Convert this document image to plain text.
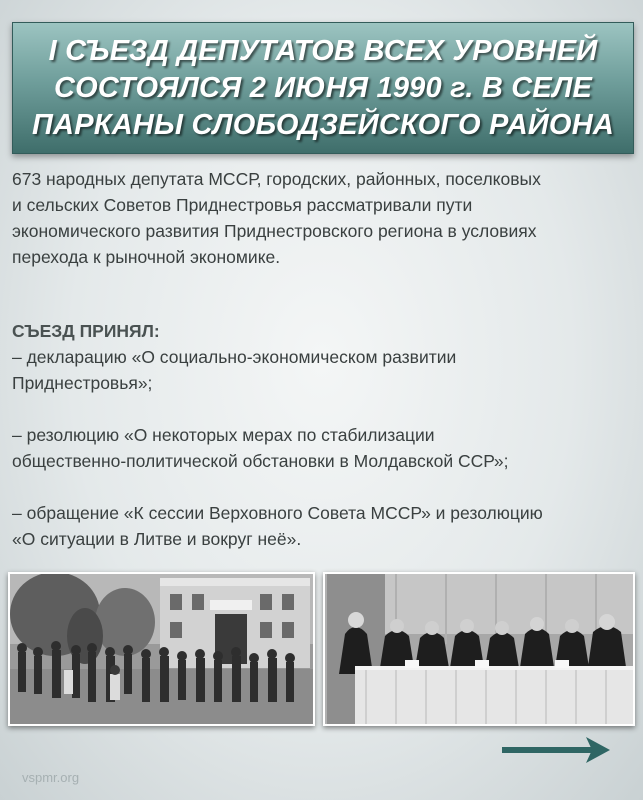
I СЪЕЗД ДЕПУТАТОВ ВСЕХ УРОВНЕЙ
СОСТОЯЛСЯ 2 ИЮНЯ 1990 г. В СЕЛЕ
ПАРКАНЫ СЛОБОДЗЕЙСКОГО РАЙОНА
673 народных депутата МССР, городских, районных, поселковых
и сельских Советов Приднестровья рассматривали пути
экономического развития Приднестровского региона в условиях
перехода к рыночной экономике.
СЪЕЗД ПРИНЯЛ:
– декларацию «О социально-экономическом развитии
Приднестровья»;
– резолюцию «О некоторых мерах по стабилизации
общественно-политической обстановки в Молдавской ССР»;
– обращение «К сессии Верховного Совета МССР» и резолюцию
«О ситуации в Литве и вокруг неё».
vspmr.org
